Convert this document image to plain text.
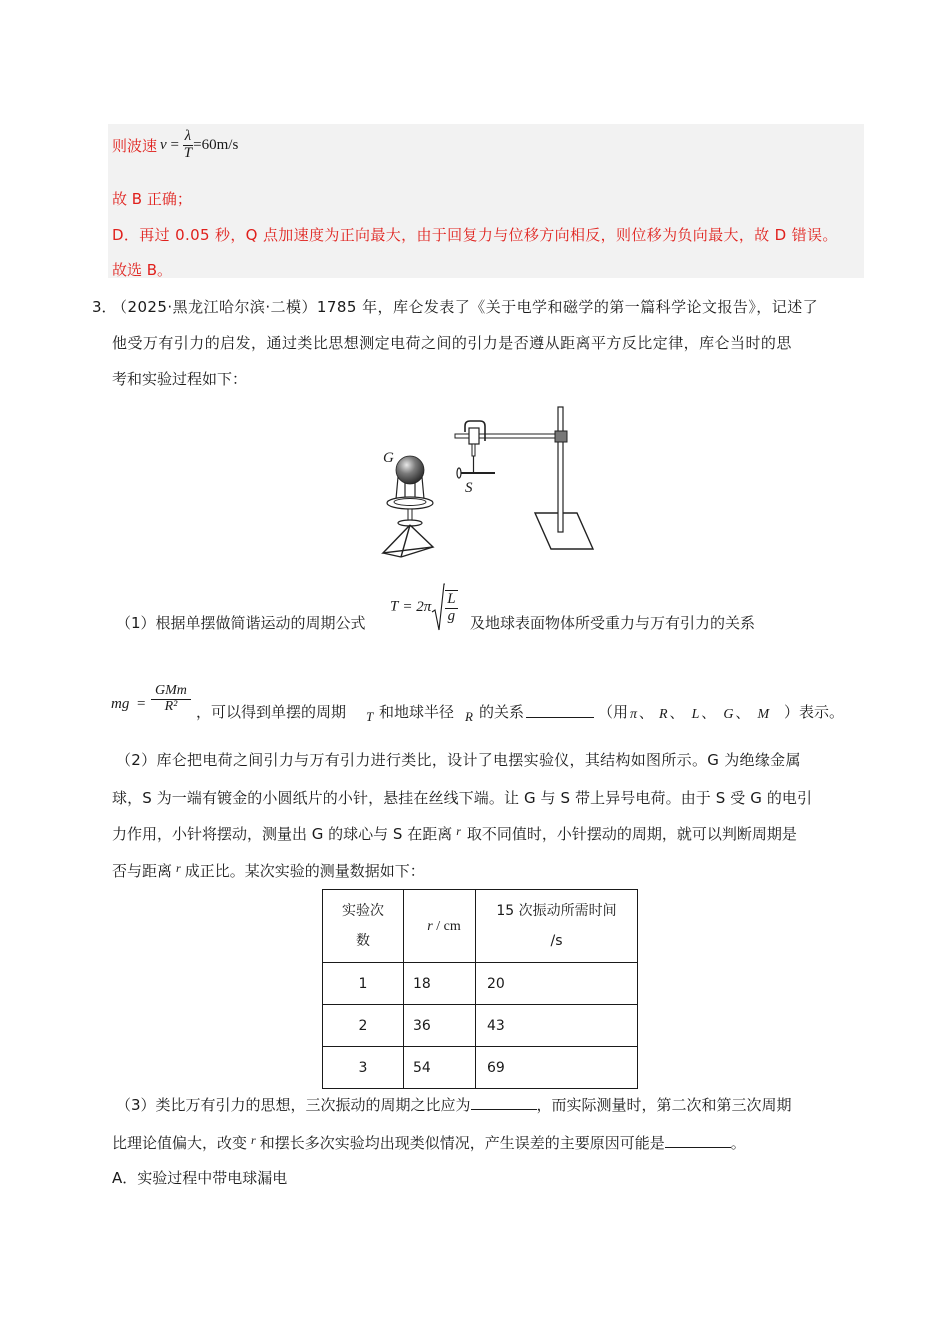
则波速 $v = \frac{\lambda}{T} =60m/s$
故 B 正确；
D．再过 0.05 秒，Q 点加速度为正向最大，由于回复力与位移方向相反，则位移为负向最大，故 D 错误。
故选 B。
3．
（2025·黑龙江哈尔滨·二模）1785 年，库仑发表了《关于电学和磁学的第一篇科学论文报告》，记述了
他受万有引力的启发，通过类比思想测定电荷之间的引力是否遵从距离平方反比定律，库仑当时的思
考和实验过程如下：
G
S
（1）根据单摆做简谐运动的周期公式
$T = 2\pi \frac{L}{g}$ 及地球表面物体所受重力与万有引力的关系
mg = $\frac{\text{GMm}}{\text{R²}}$ ，可以得到单摆的周期 T 和地球半径 R 的关系	（用 π 、 R 、 L 、 G 、 M ）表示。
（2）库仑把电荷之间引力与万有引力进行类比，设计了电摆实验仪，其结构如图所示。G 为绝缘金属
球，S 为一端有镀金的小圆纸片的小针，悬挂在丝线下端。让 G 与 S 带上异号电荷。由于 S 受 G 的电引
力作用，小针将摆动，测量出 G 的球心与 S 在距离 $^r$ 取不同值时，小针摆动的周期，就可以判断周期是
否与距离 $^r$ 成正比。某次实验的测量数据如下：
实验次
数	r / cm	15 次振动所需时间
/s
1	18	20
2	36	43
3	54	69
（3）类比万有引力的思想，三次振动的周期之比应为	，而实际测量时，第二次和第三次周期
比理论值偏大，改变 $^r$ 和摆长多次实验均出现类似情况，产生误差的主要原因可能是	。
A．实验过程中带电球漏电
